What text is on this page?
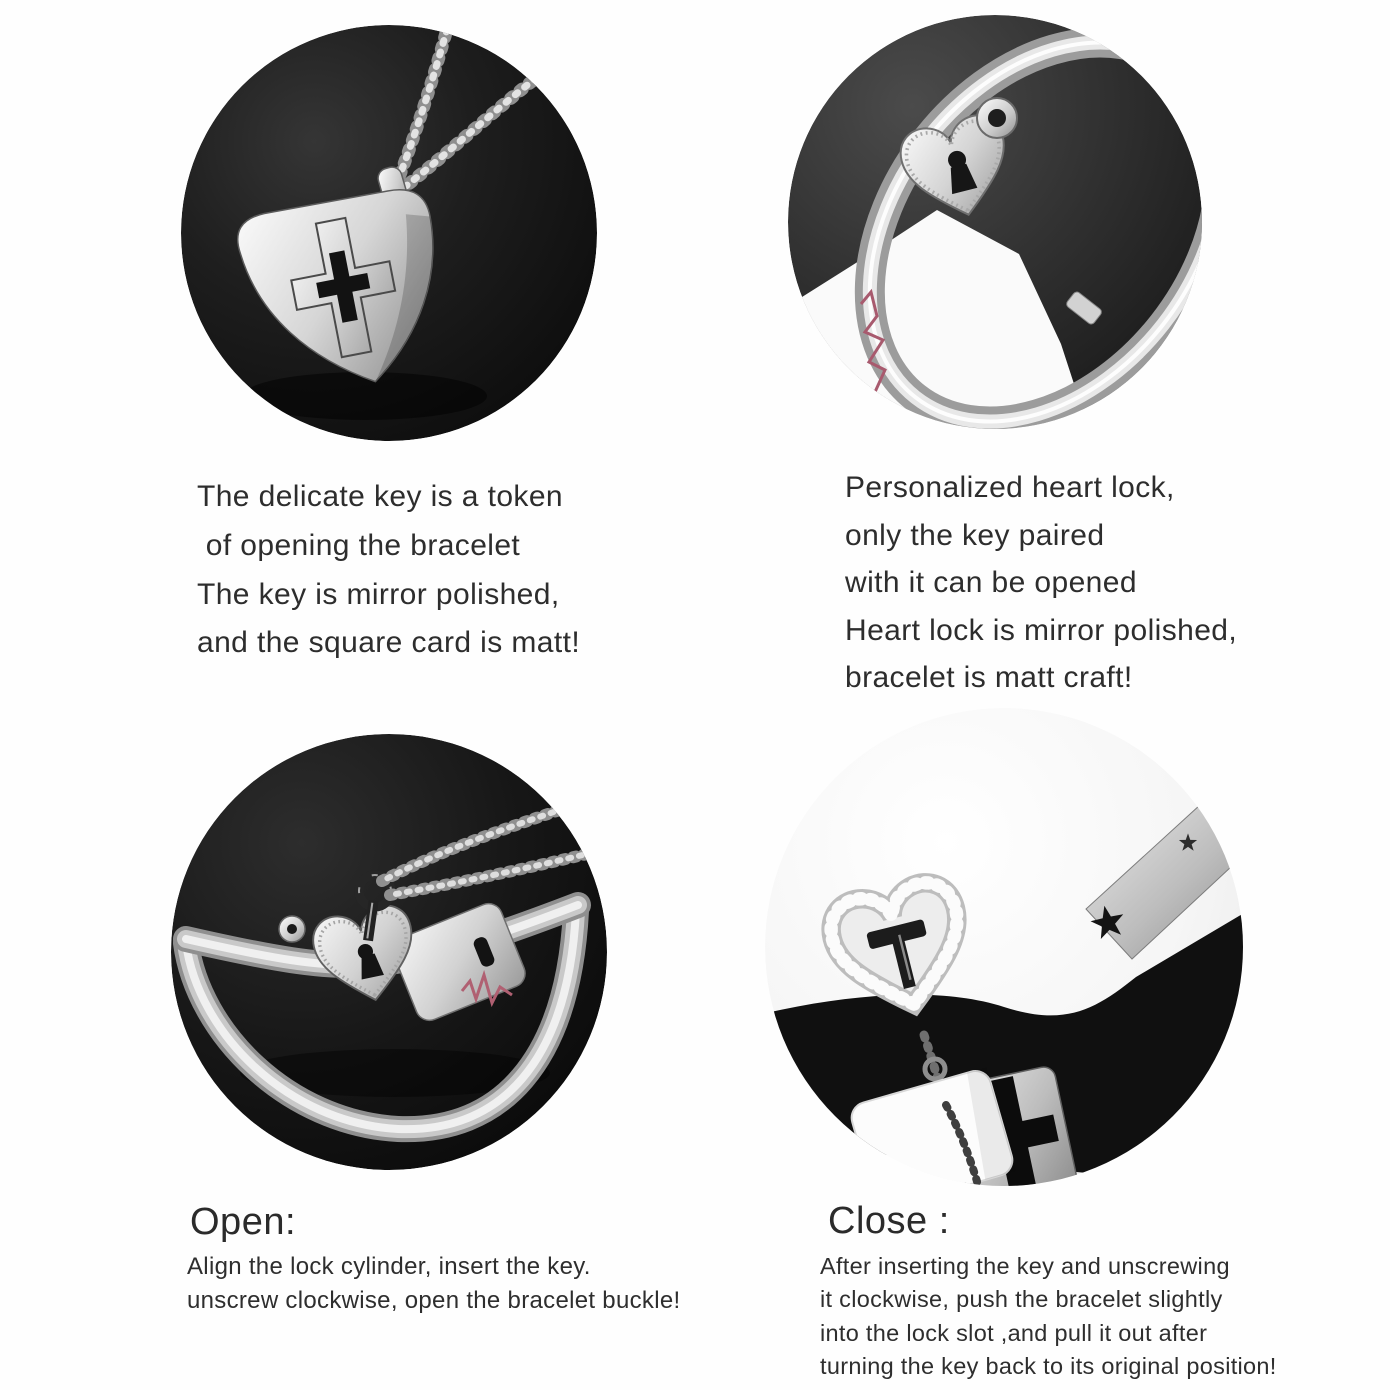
The delicate key is a token
of opening the bracelet
The key is mirror polished,
and the square card is matt!
Personalized heart lock,
only the key paired
with it can be opened
Heart lock is mirror polished,
bracelet is matt craft!
Open:
Align the lock cylinder, insert the key.
unscrew clockwise, open the bracelet buckle!
Close :
After inserting the key and unscrewing
it clockwise, push the bracelet slightly
into the lock slot ,and pull it out after
turning the key back to its original position!
